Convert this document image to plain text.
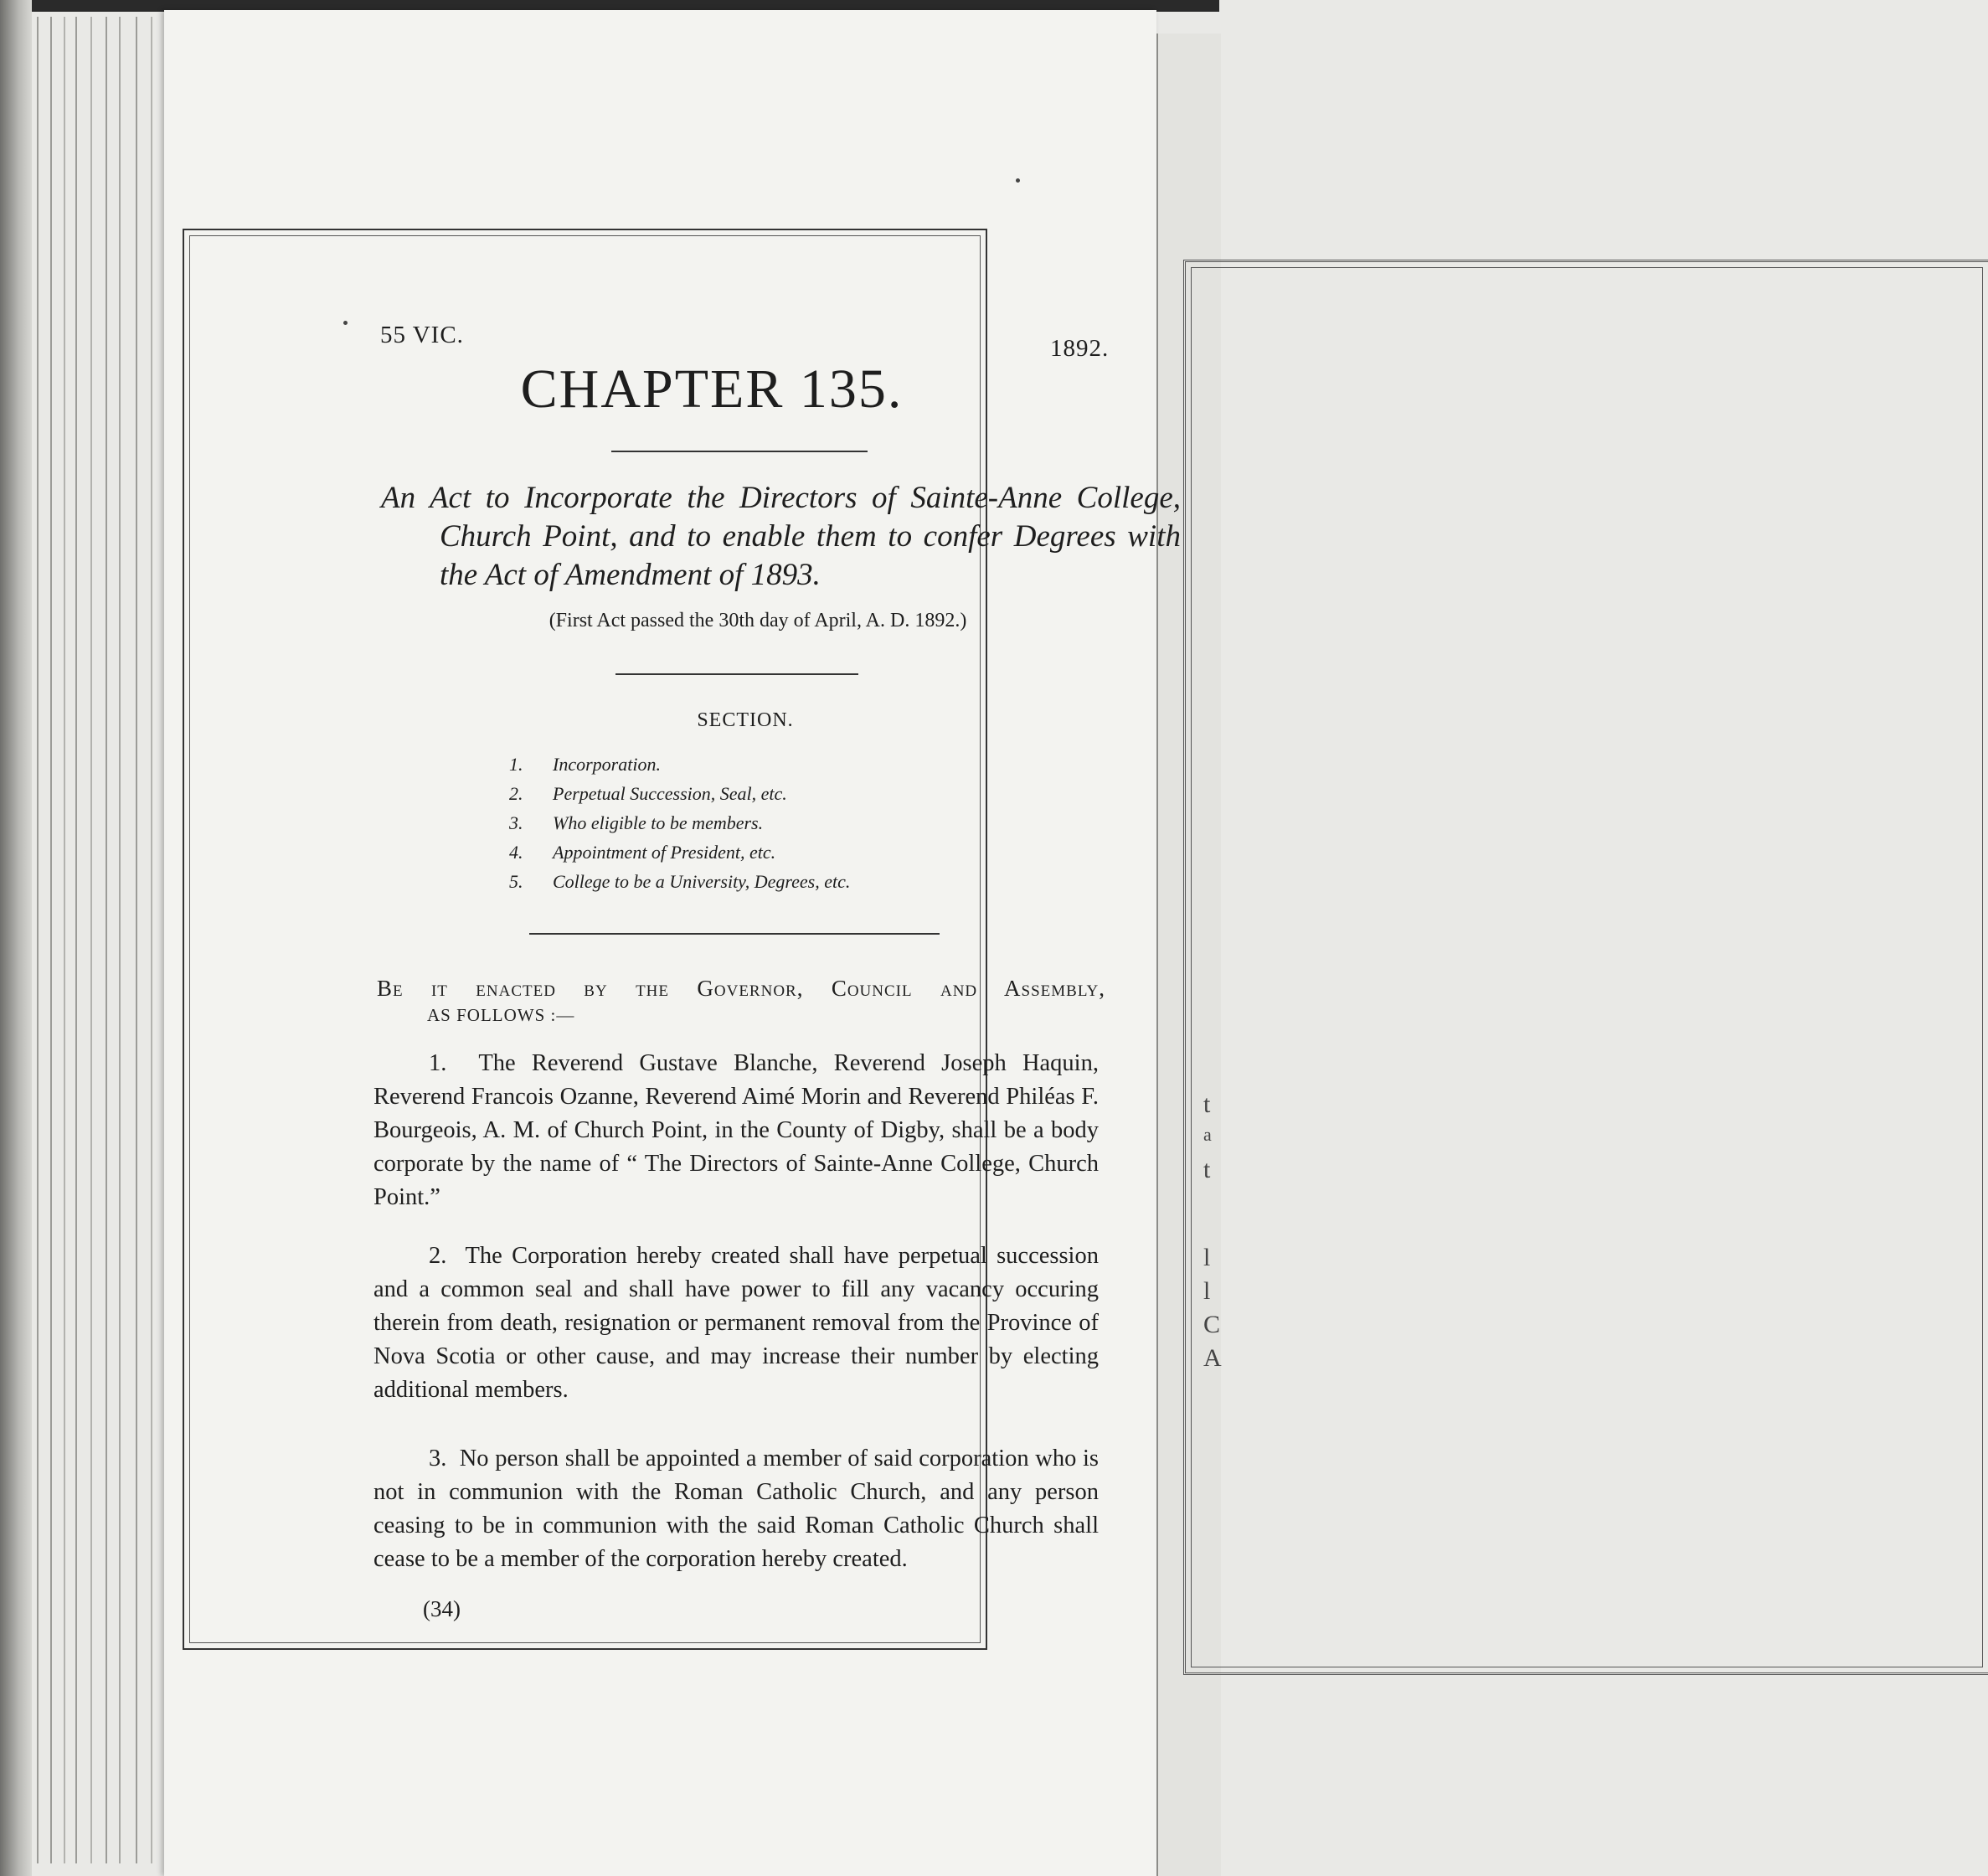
t
a
t
l
l
C
A
55 VIC.	1892.
CHAPTER 135.
An Act to Incorporate the Directors of Sainte-Anne College, Church Point, and to enable them to confer Degrees with the Act of Amendment of 1893.
(First Act passed the 30th day of April, A. D. 1892.)
SECTION.
1. Incorporation.
2. Perpetual Succession, Seal, etc.
3. Who eligible to be members.
4. Appointment of President, etc.
5. College to be a University, Degrees, etc.
Be it enacted by the Governor, Council and Assembly,
AS FOLLOWS :—
1. The Reverend Gustave Blanche, Reverend Joseph Haquin, Reverend Francois Ozanne, Reverend Aimé Morin and Reverend Philéas F. Bourgeois, A. M. of Church Point, in the County of Digby, shall be a body corporate by the name of “ The Directors of Sainte-Anne College, Church Point.”
2. The Corporation hereby created shall have perpetual succession and a common seal and shall have power to fill any vacancy occuring therein from death, resignation or permanent removal from the Province of Nova Scotia or other cause, and may increase their number by electing additional members.
3. No person shall be appointed a member of said corporation who is not in communion with the Roman Catholic Church, and any person ceasing to be in communion with the said Roman Catholic Church shall cease to be a member of the corporation hereby created.
(34)
